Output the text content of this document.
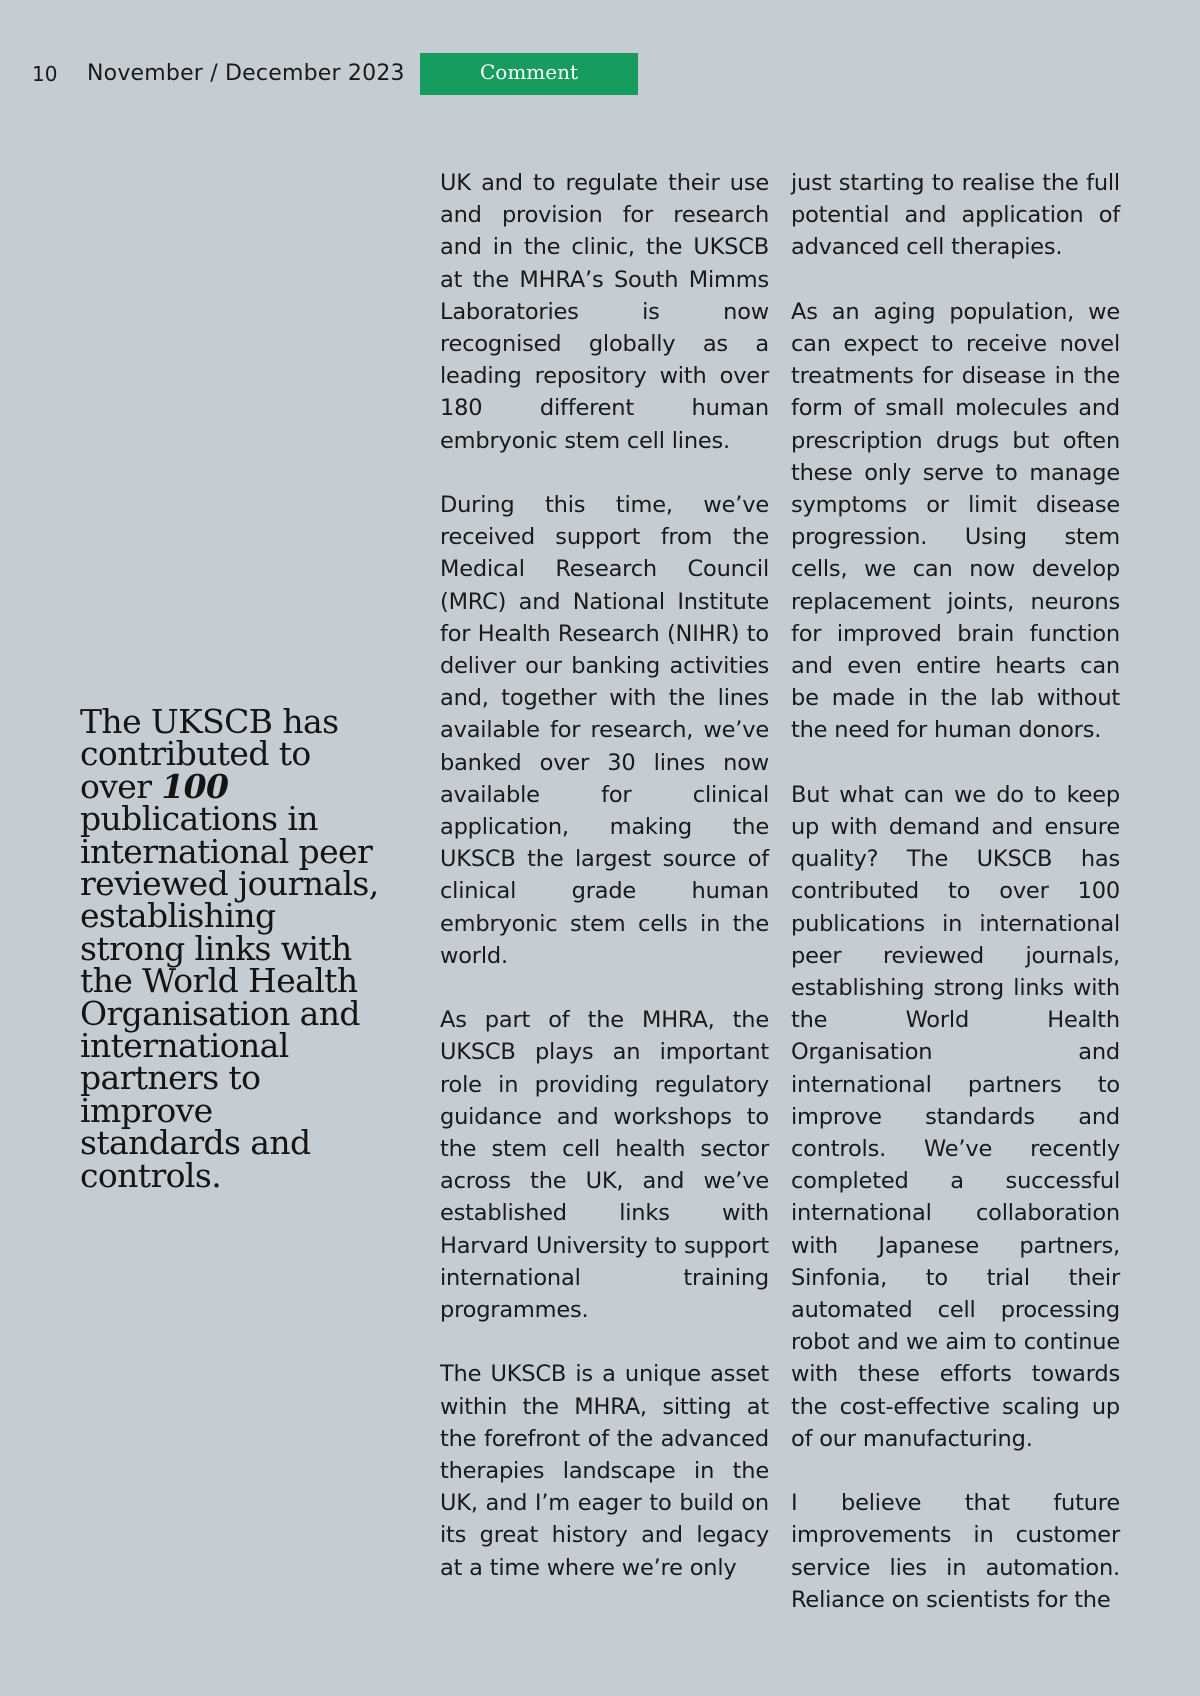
10 November / December 2023	Comment
The UKSCB has contributed to over 100 publications in international peer reviewed journals, establishing strong links with the World Health Organisation and international partners to improve standards and controls.

UK and to regulate their use and provision for research and in the clinic, the UKSCB at the MHRA’s South Mimms Laboratories is now recognised globally as a leading repository with over 180 different human embryonic stem cell lines.

During this time, we’ve received support from the Medical Research Council (MRC) and National Institute for Health Research (NIHR) to deliver our banking activities and, together with the lines available for research, we’ve banked over 30 lines now available for clinical application, making the UKSCB the largest source of clinical grade human embryonic stem cells in the world.

As part of the MHRA, the UKSCB plays an important role in providing regulatory guidance and workshops to the stem cell health sector across the UK, and we’ve established links with Harvard University to support international training programmes.

The UKSCB is a unique asset within the MHRA, sitting at the forefront of the advanced therapies landscape in the UK, and I’m eager to build on its great history and legacy at a time where we’re only

just starting to realise the full potential and application of advanced cell therapies.

As an aging population, we can expect to receive novel treatments for disease in the form of small molecules and prescription drugs but often these only serve to manage symptoms or limit disease progression. Using stem cells, we can now develop replacement joints, neurons for improved brain function and even entire hearts can be made in the lab without the need for human donors.

But what can we do to keep up with demand and ensure quality? The UKSCB has contributed to over 100 publications in international peer reviewed journals, establishing strong links with the World Health Organisation and international partners to improve standards and controls. We’ve recently completed a successful international collaboration with Japanese partners, Sinfonia, to trial their automated cell processing robot and we aim to continue with these efforts towards the cost-effective scaling up of our manufacturing.

I believe that future improvements in customer service lies in automation. Reliance on scientists for the
